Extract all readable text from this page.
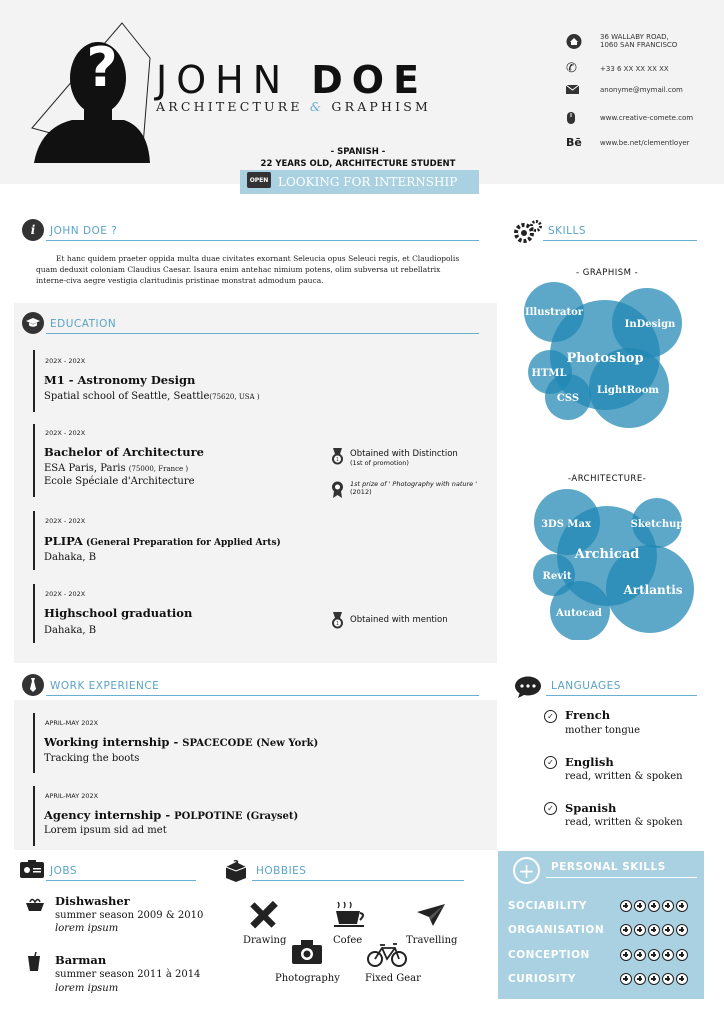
? JOHN DOE
ARCHITECTURE & GRAPHISM
36 WALLABY ROAD,
1060 SAN FRANCISCO
✆	+33 6 XX XX XX XX
anonyme@mymail.com
www.creative-comete.com
Bē	www.be.net/clementloyer
- SPANISH -
22 YEARS OLD, ARCHITECTURE STUDENT
LOOKING FOR INTERNSHIP
OPEN
i	JOHN DOE ?
Et hanc quidem praeter oppida multa duae civitates exornant Seleucia opus Seleuci regis, et Claudiopolis quam deduxit coloniam Claudius Caesar. Isaura enim antehac nimium potens, olim subversa ut rebellatrix interne-civa aegre vestigia claritudinis pristinae monstrat admodum pauca.
EDUCATION
202X - 202X
M1 - Astronomy Design
Spatial school of Seattle, Seattle(75620, USA )
202X - 202X
Bachelor of Architecture
ESA Paris, Paris (75000, France )
Ecole Spéciale d'Architecture
1
Obtained with Distinction
(1st of promotion)
1st prize of ' Photography with nature '
(2012)
202X - 202X
PLIPA (General Preparation for Applied Arts)
Dahaka, B
202X - 202X
Highschool graduation
Dahaka, B
1 Obtained with mention
WORK EXPERIENCE
APRIL-MAY 202X
Working internship - SPACECODE (New York)
Tracking the boots
APRIL-MAY 202X
Agency internship - POLPOTINE (Grayset)
Lorem ipsum sid ad met
SKILLS
- GRAPHISM -
-ARCHITECTURE-
Illustrator
InDesign
Photoshop
HTML
LightRoom
CSS
3DS Max	Sketchup
Archicad
Revit
Artlantis
Autocad
LANGUAGES
✓ French
mother tongue
✓ English
read, written & spoken
✓ Spanish
read, written & spoken
JOBS
Dishwasher
summer season 2009 & 2010
lorem ipsum
Barman
summer season 2011 à 2014
lorem ipsum
?
HOBBIES
Drawing	Cofee	Travelling
Photography	Fixed Gear
+	PERSONAL SKILLS
SOCIABILITY
ORGANISATION
CONCEPTION
CURIOSITY
